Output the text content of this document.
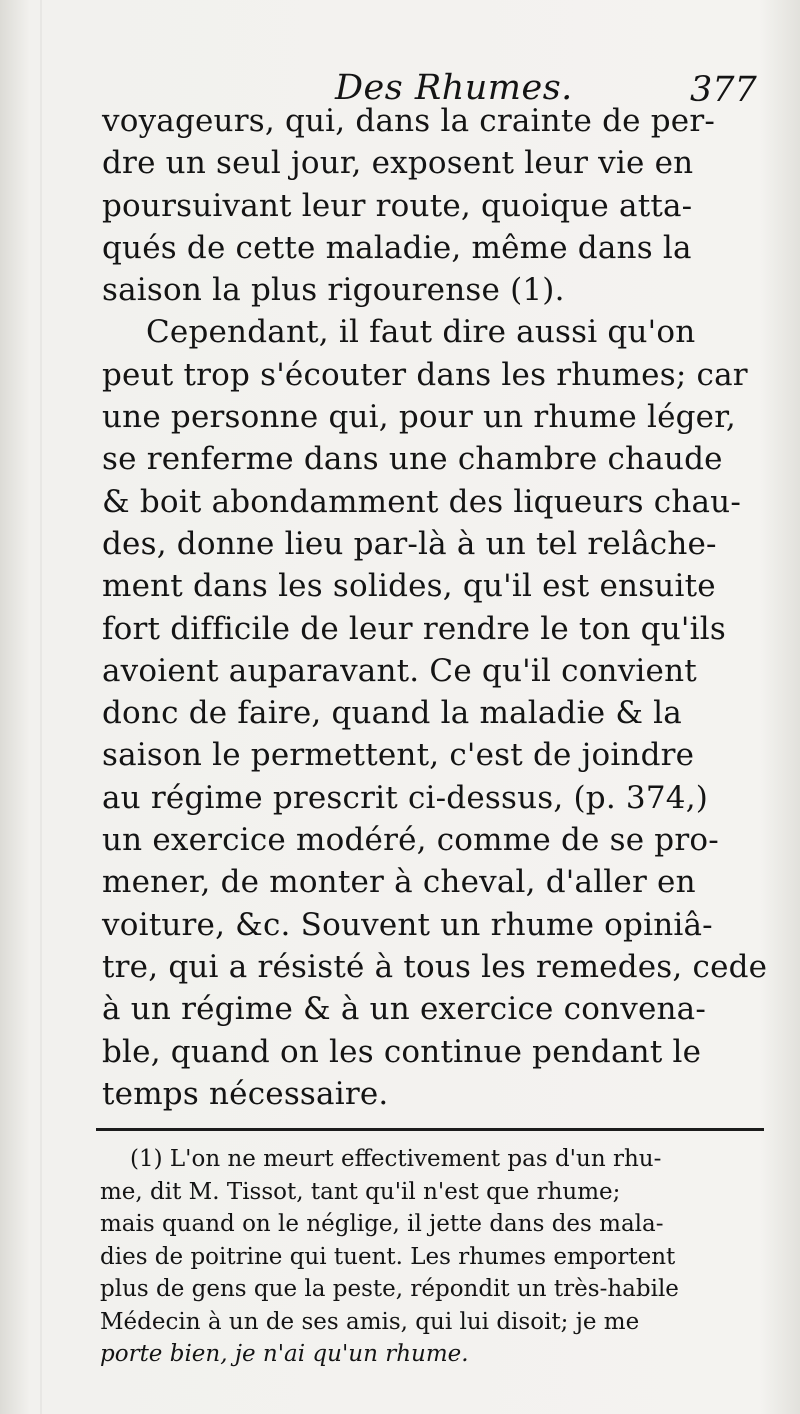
Des Rhumes.	377
voyageurs, qui, dans la crainte de per-
dre un seul jour, exposent leur vie en
poursuivant leur route, quoique atta-
qués de cette maladie, même dans la
saison la plus rigourense (1).
Cependant, il faut dire aussi qu'on
peut trop s'écouter dans les rhumes; car
une personne qui, pour un rhume léger,
se renferme dans une chambre chaude
& boit abondamment des liqueurs chau-
des, donne lieu par-là à un tel relâche-
ment dans les solides, qu'il est ensuite
fort difficile de leur rendre le ton qu'ils
avoient auparavant. Ce qu'il convient
donc de faire, quand la maladie & la
saison le permettent, c'est de joindre
au régime prescrit ci-dessus, (p. 374,)
un exercice modéré, comme de se pro-
mener, de monter à cheval, d'aller en
voiture, &c. Souvent un rhume opiniâ-
tre, qui a résisté à tous les remedes, cede
à un régime & à un exercice convena-
ble, quand on les continue pendant le
temps nécessaire.
(1) L'on ne meurt effectivement pas d'un rhu-
me, dit M. Tissot, tant qu'il n'est que rhume;
mais quand on le néglige, il jette dans des mala-
dies de poitrine qui tuent. Les rhumes emportent
plus de gens que la peste, répondit un très-habile
Médecin à un de ses amis, qui lui disoit; je me
porte bien, je n'ai qu'un rhume.
